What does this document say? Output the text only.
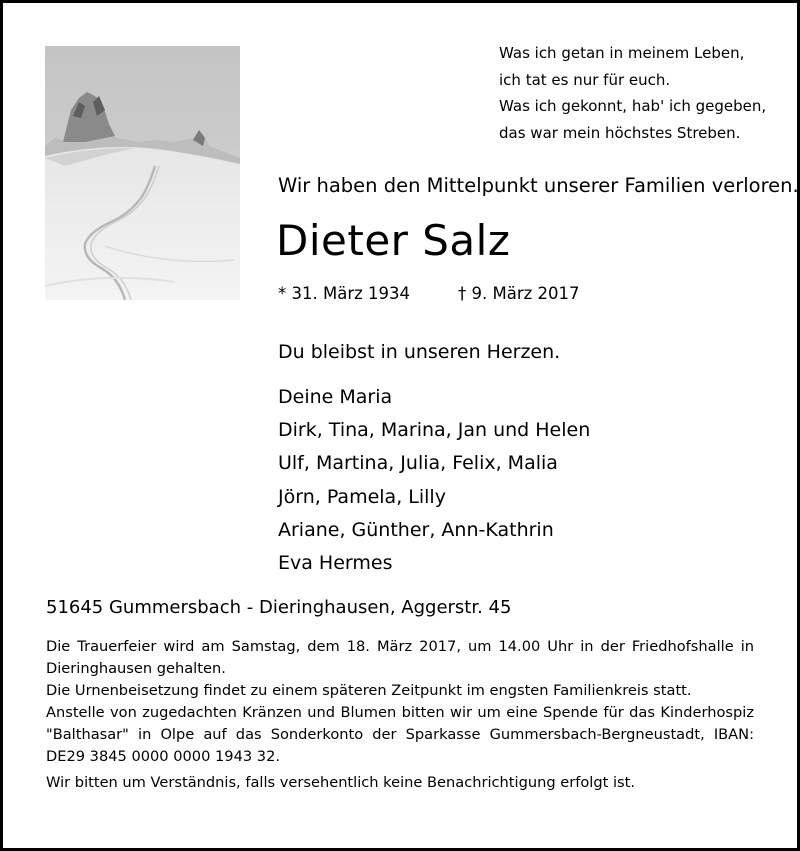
Was ich getan in meinem Leben,
ich tat es nur für euch.
Was ich gekonnt, hab' ich gegeben,
das war mein höchstes Streben.
Wir haben den Mittelpunkt unserer Familien verloren.
Dieter Salz
* 31. März 1934	† 9. März 2017
Du bleibst in unseren Herzen.
Deine Maria
Dirk, Tina, Marina, Jan und Helen
Ulf, Martina, Julia, Felix, Malia
Jörn, Pamela, Lilly
Ariane, Günther, Ann-Kathrin
Eva Hermes
51645 Gummersbach - Dieringhausen, Aggerstr. 45

Die Trauerfeier wird am Samstag, dem 18. März 2017, um 14.00 Uhr in der Friedhofshalle in Dieringhausen gehalten.

Die Urnenbeisetzung findet zu einem späteren Zeitpunkt im engsten Familienkreis statt.

Anstelle von zugedachten Kränzen und Blumen bitten wir um eine Spende für das Kinderhospiz "Balthasar" in Olpe auf das Sonderkonto der Sparkasse Gummersbach-Bergneustadt, IBAN: DE29 3845 0000 0000 1943 32.

Wir bitten um Verständnis, falls versehentlich keine Benachrichtigung erfolgt ist.
